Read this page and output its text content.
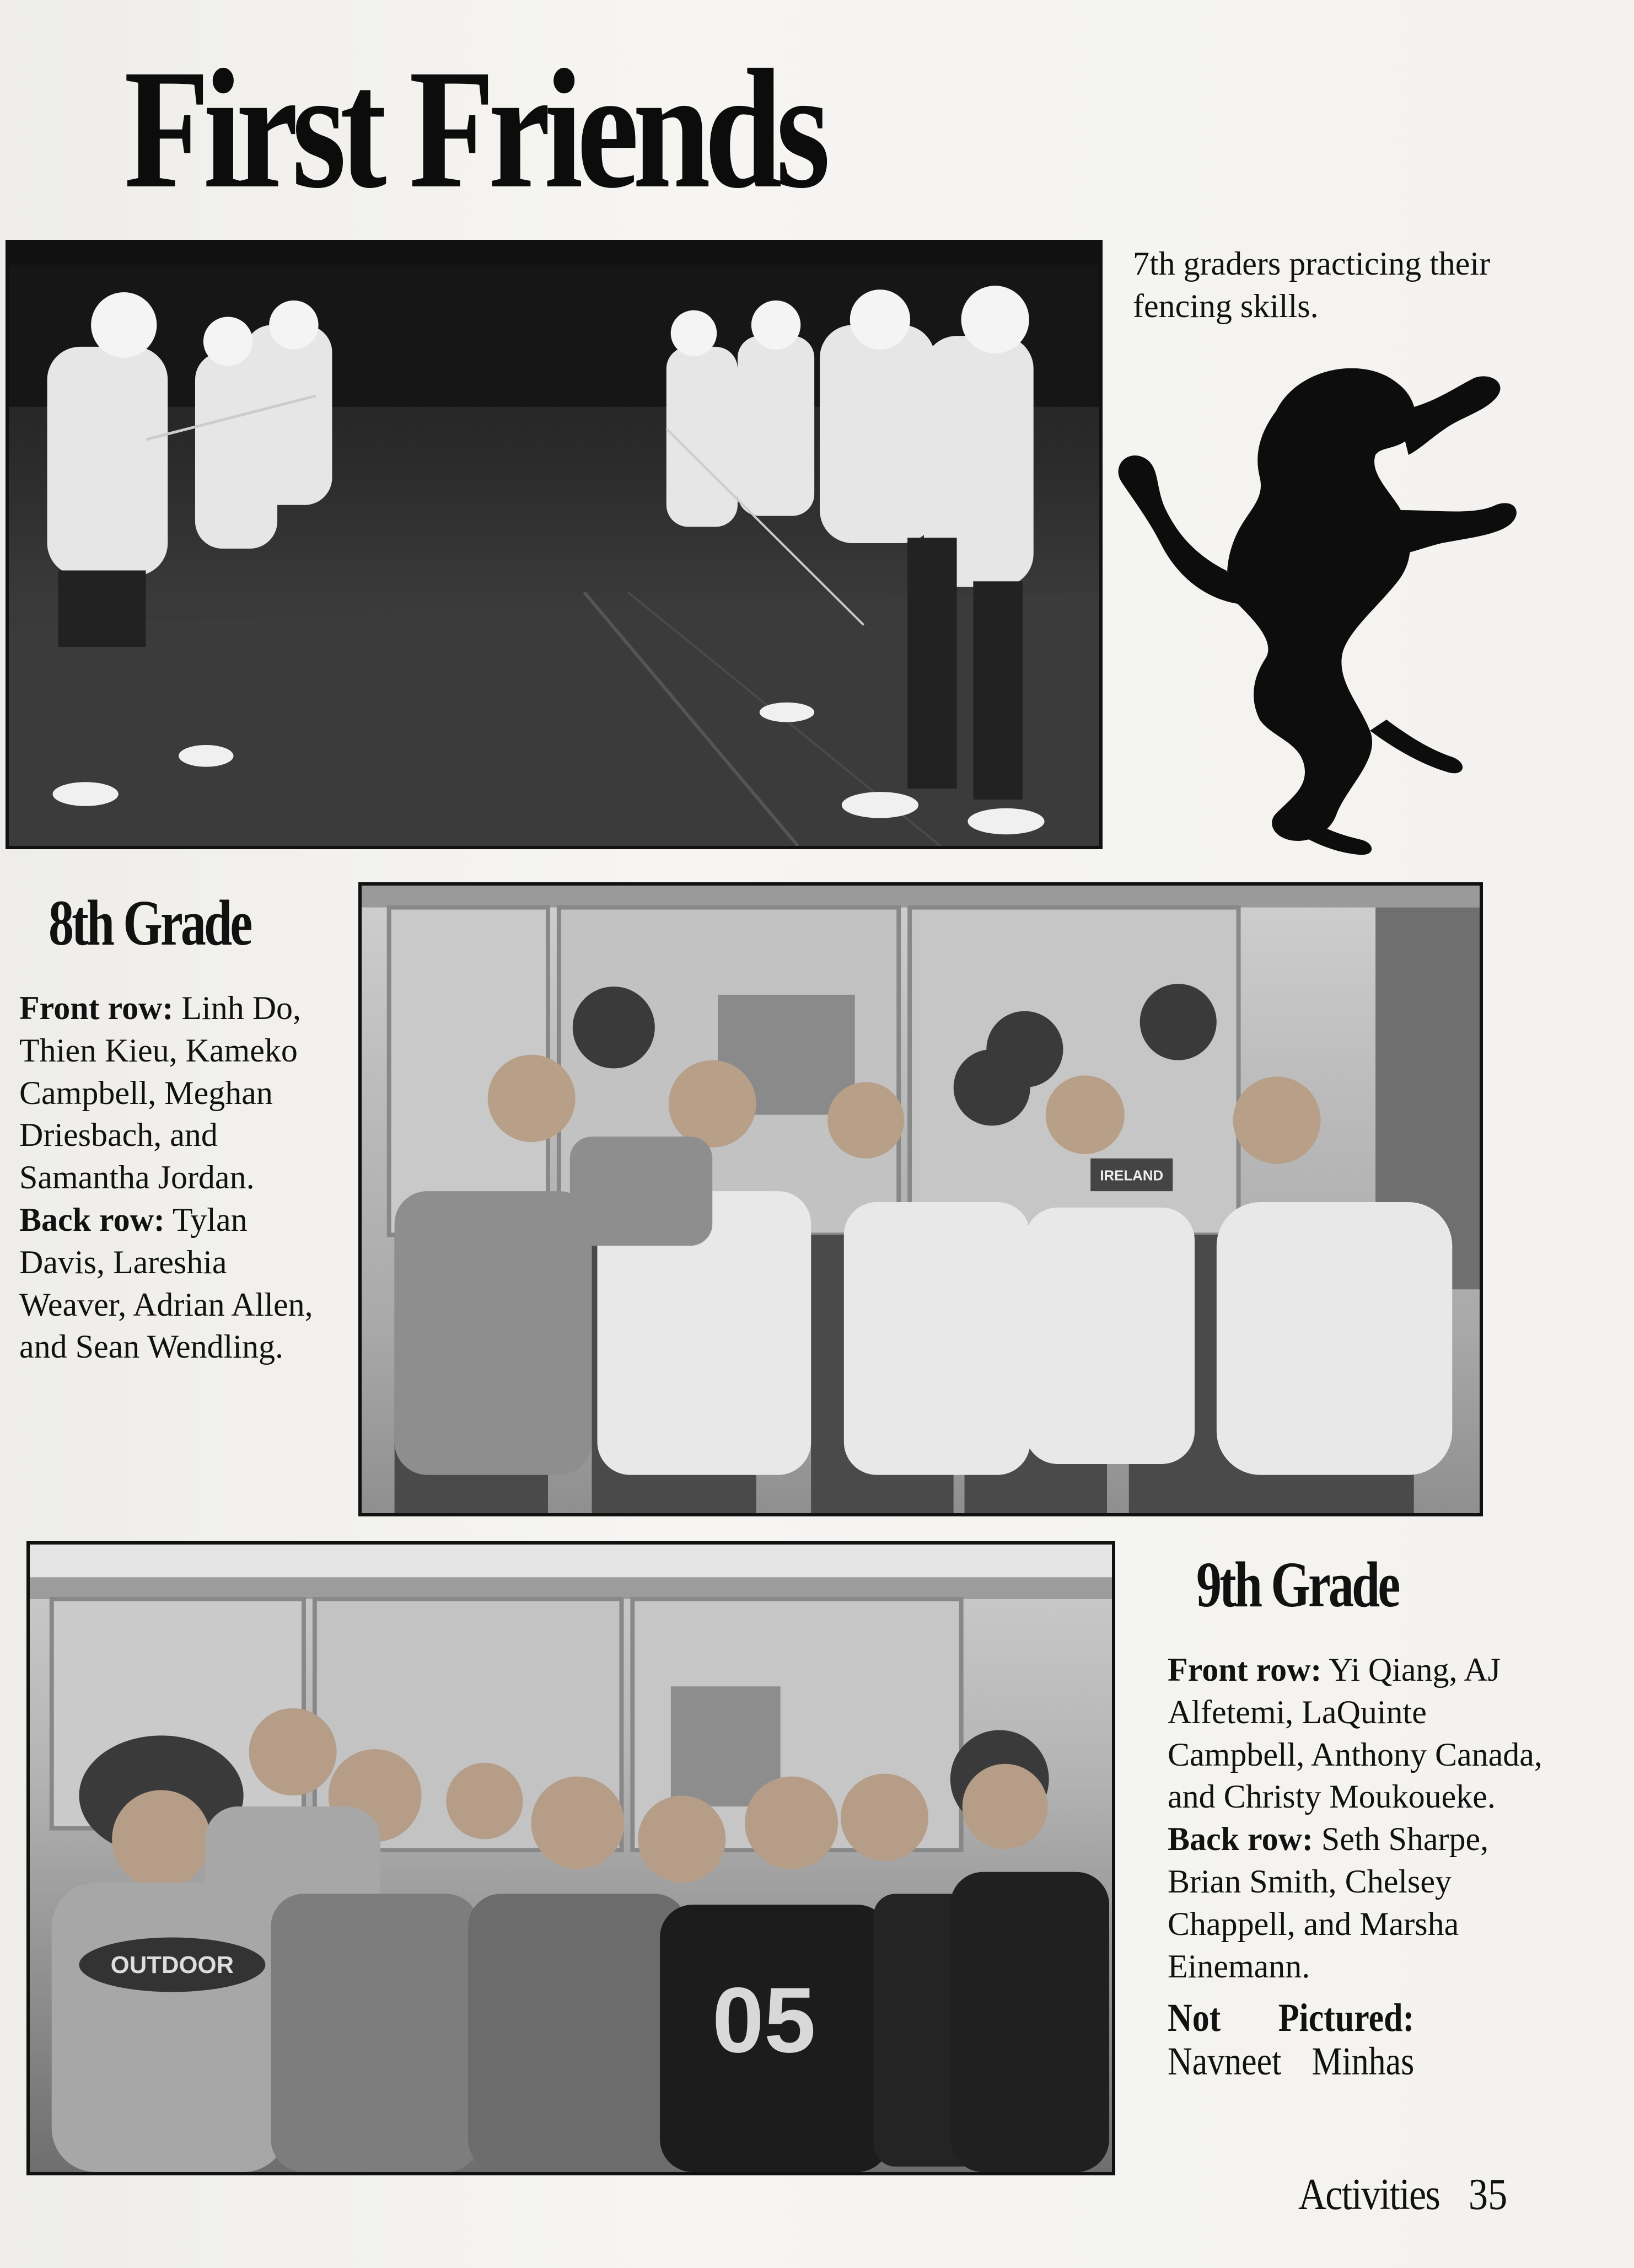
First Friends
7th graders practicing their fencing skills.
8th Grade
Front row: Linh Do, Thien Kieu, Kameko Campbell, Meghan Driesbach, and Samantha Jordan.
Back row: Tylan Davis, Lareshia Weaver, Adrian Allen, and Sean Wendling.
IRELAND
OUTDOOR
05
9th Grade
Front row: Yi Qiang, AJ Alfetemi, LaQuinte Campbell, Anthony Canada, and Christy Moukoueke.
Back row: Seth Sharpe, Brian Smith, Chelsey Chappell, and Marsha Einemann.
Not Pictured:
Navneet Minhas
Activities 35
